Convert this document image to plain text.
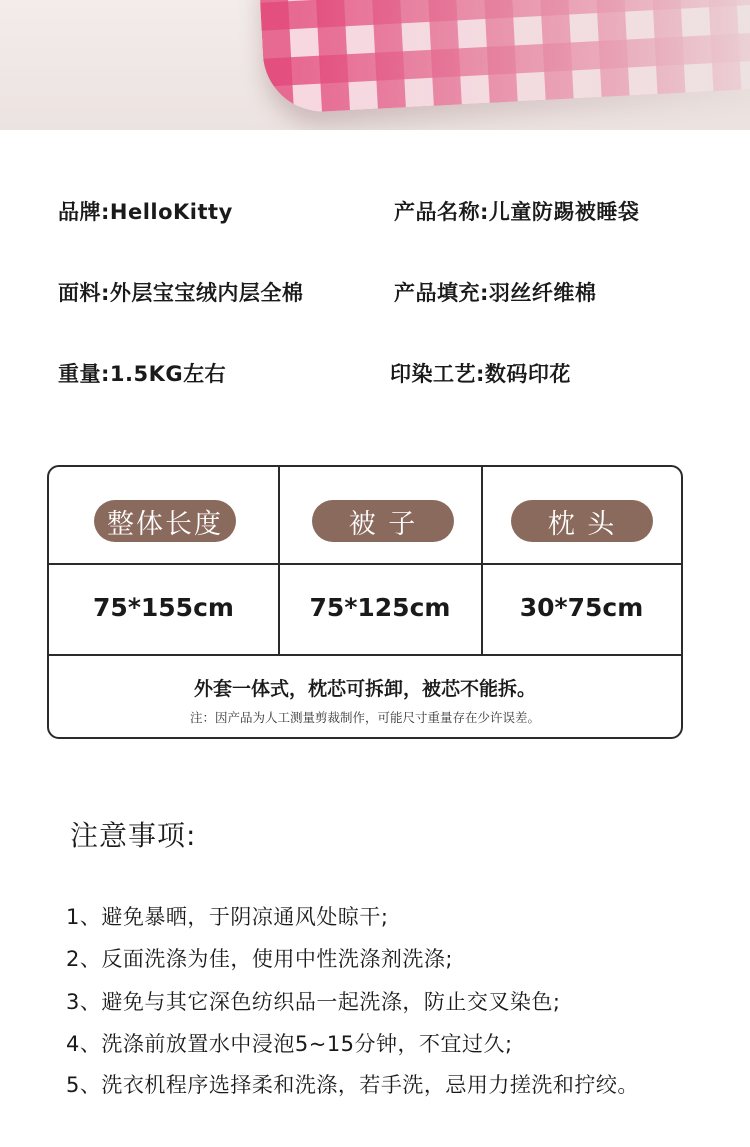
品牌:HelloKitty	产品名称:儿童防踢被睡袋
面料:外层宝宝绒内层全棉	产品填充:羽丝纤维棉
重量:1.5KG左右	印染工艺:数码印花
整体长度	被 子	枕 头
75*155cm	75*125cm	30*75cm
外套一体式，枕芯可拆卸，被芯不能拆。
注：因产品为人工测量剪裁制作，可能尺寸重量存在少许误差。
注意事项:
1、避免暴晒，于阴凉通风处晾干;
2、反面洗涤为佳，使用中性洗涤剂洗涤;
3、避免与其它深色纺织品一起洗涤，防止交叉染色;
4、洗涤前放置水中浸泡5~15分钟，不宜过久;
5、洗衣机程序选择柔和洗涤，若手洗，忌用力搓洗和拧绞。
